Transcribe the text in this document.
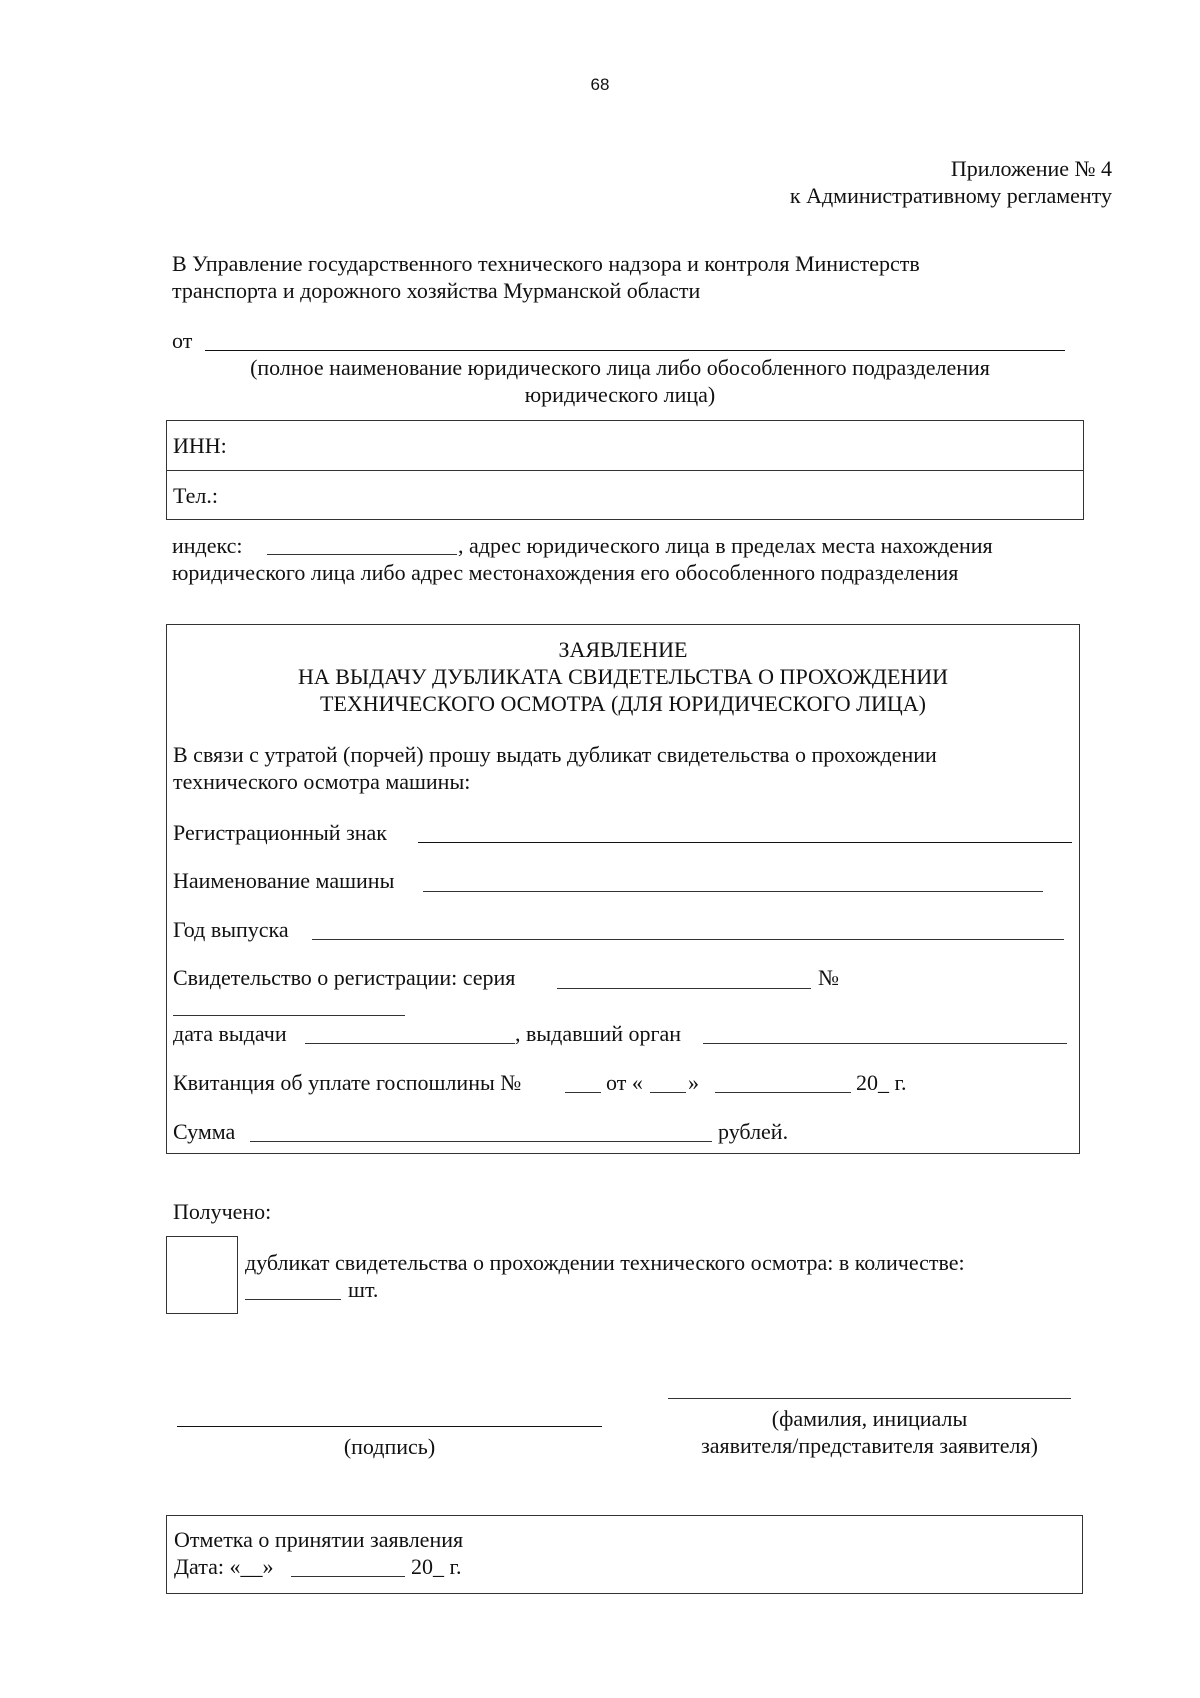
68
Приложение № 4
к Административному регламенту
В Управление государственного технического надзора и контроля Министерств
транспорта и дорожного хозяйства Мурманской области
от
(полное наименование юридического лица либо обособленного подразделения
юридического лица)
ИНН:
Тел.:
индекс:	, адрес юридического лица в пределах места нахождения
юридического лица либо адрес местонахождения его обособленного подразделения
ЗАЯВЛЕНИЕ
НА ВЫДАЧУ ДУБЛИКАТА СВИДЕТЕЛЬСТВА О ПРОХОЖДЕНИИ
ТЕХНИЧЕСКОГО ОСМОТРА (ДЛЯ ЮРИДИЧЕСКОГО ЛИЦА)
В связи с утратой (порчей) прошу выдать дубликат свидетельства о прохождении
технического осмотра машины:
Регистрационный знак
Наименование машины
Год выпуска
Свидетельство о регистрации: серия	№
дата выдачи	, выдавший орган
Квитанция об уплате госпошлины №	от « »	20_ г.
Сумма	рублей.
Получено:
дубликат свидетельства о прохождении технического осмотра: в количестве:
шт.
(подпись)
(фамилия, инициалы
заявителя/представителя заявителя)
Отметка о принятии заявления
Дата: «__»	20_ г.
